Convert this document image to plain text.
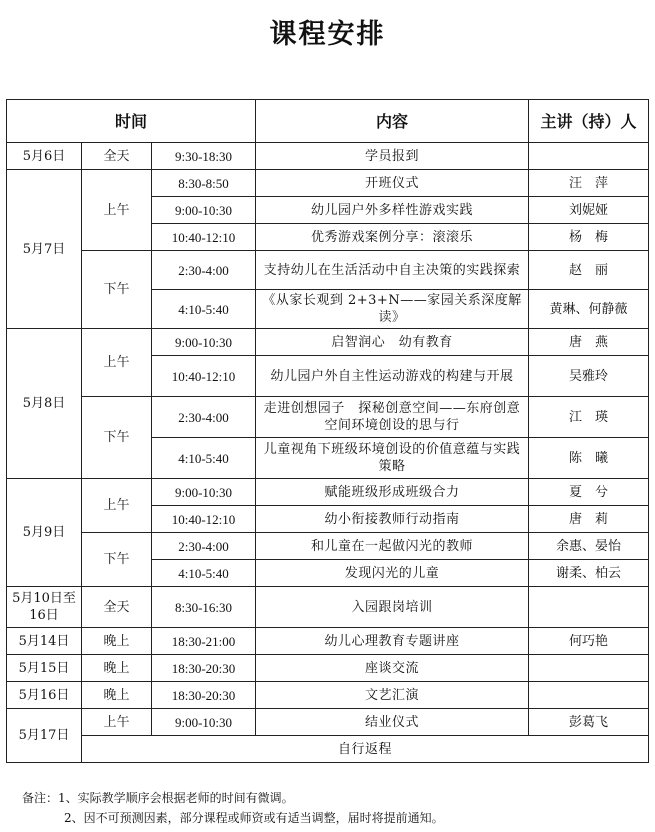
课程安排
时间			内容	主讲（持）人
5月6日	全天	9:30-18:30	学员报到	
5月7日	上午	8:30-8:50	开班仪式	汪　萍
		9:00-10:30	幼儿园户外多样性游戏实践	刘妮娅
		10:40-12:10	优秀游戏案例分享：滚滚乐	杨　梅
	下午	2:30-4:00	支持幼儿在生活活动中自主决策的实践探索	赵　丽
		4:10-5:40	《从家长观到 2+3+N——家园关系深度解读》	黄琳、何静薇
5月8日	上午	9:00-10:30	启智润心　幼有教育	唐　燕
		10:40-12:10	幼儿园户外自主性运动游戏的构建与开展	吴雅玲
	下午	2:30-4:00	走进创想园子　探秘创意空间——东府创意空间环境创设的思与行	江　瑛
		4:10-5:40	儿童视角下班级环境创设的价值意蕴与实践策略	陈　曦
5月9日	上午	9:00-10:30	赋能班级形成班级合力	夏　兮
		10:40-12:10	幼小衔接教师行动指南	唐　莉
	下午	2:30-4:00	和儿童在一起做闪光的教师	余惠、晏怡
		4:10-5:40	发现闪光的儿童	谢柔、柏云
5月10日至16日	全天	8:30-16:30	入园跟岗培训	
5月14日	晚上	18:30-21:00	幼儿心理教育专题讲座	何巧艳
5月15日	晚上	18:30-20:30	座谈交流	
5月16日	晚上	18:30-20:30	文艺汇演	
5月17日	上午	9:00-10:30	结业仪式	彭葛飞
	自行返程			
备注：1、实际教学顺序会根据老师的时间有微调。
2、因不可预测因素，部分课程或师资或有适当调整，届时将提前通知。
